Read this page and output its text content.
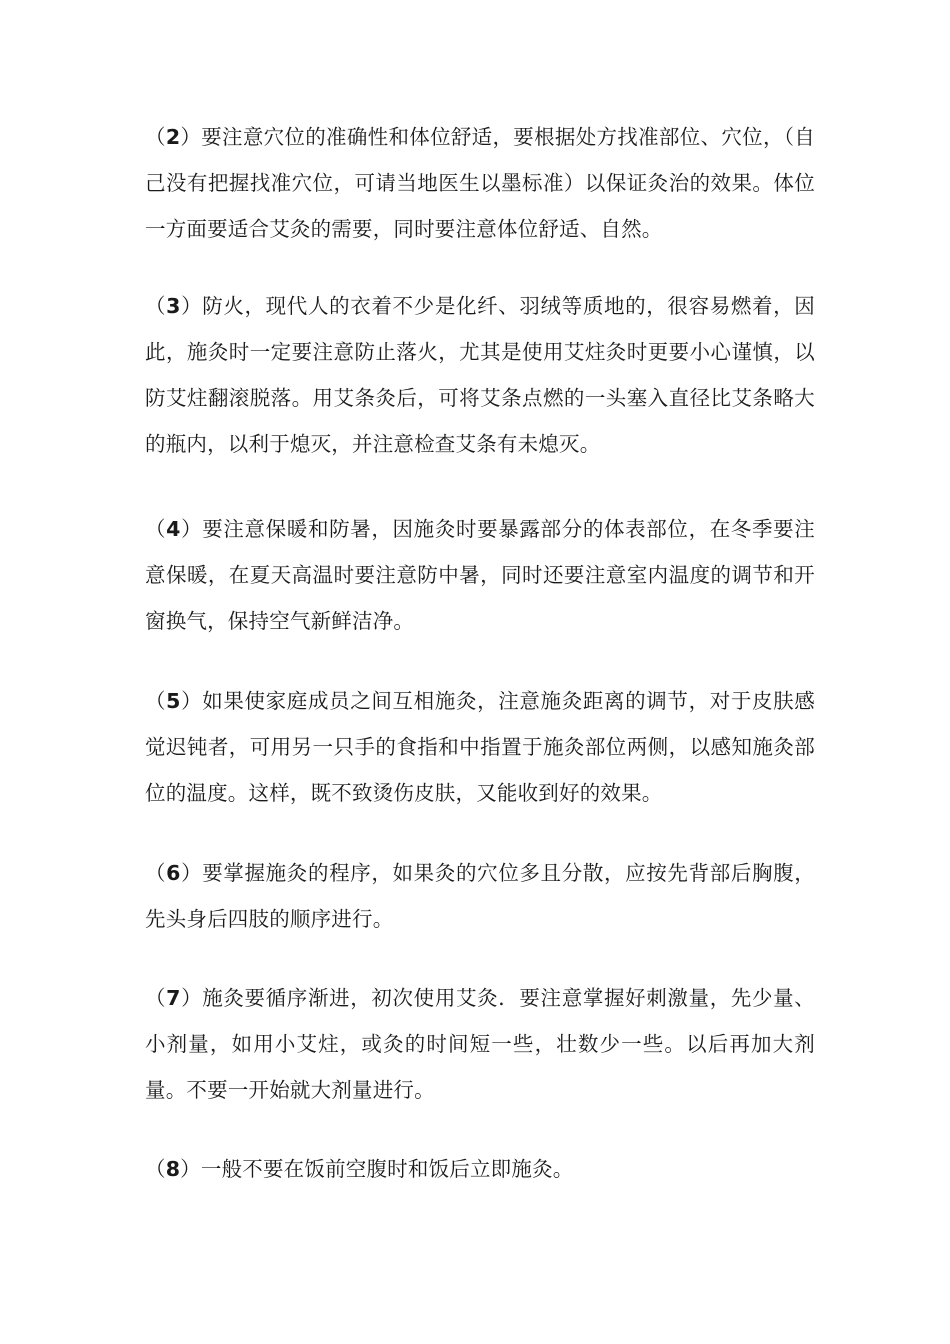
（2）要注意穴位的准确性和体位舒适，要根据处方找准部位、穴位，（自己没有把握找准穴位，可请当地医生以墨标准）以保证灸治的效果。体位一方面要适合艾灸的需要，同时要注意体位舒适、自然。

（3）防火，现代人的衣着不少是化纤、羽绒等质地的，很容易燃着，因此，施灸时一定要注意防止落火，尤其是使用艾炷灸时更要小心谨慎，以防艾炷翻滚脱落。用艾条灸后，可将艾条点燃的一头塞入直径比艾条略大的瓶内，以利于熄灭，并注意检查艾条有未熄灭。

（4）要注意保暖和防暑，因施灸时要暴露部分的体表部位，在冬季要注意保暖，在夏天高温时要注意防中暑，同时还要注意室内温度的调节和开窗换气，保持空气新鲜洁净。

（5）如果使家庭成员之间互相施灸，注意施灸距离的调节，对于皮肤感觉迟钝者，可用另一只手的食指和中指置于施灸部位两侧，以感知施灸部位的温度。这样，既不致烫伤皮肤，又能收到好的效果。

（6）要掌握施灸的程序，如果灸的穴位多且分散，应按先背部后胸腹，先头身后四肢的顺序进行。

（7）施灸要循序渐进，初次使用艾灸．要注意掌握好刺激量，先少量、小剂量，如用小艾炷，或灸的时间短一些，壮数少一些。以后再加大剂量。不要一开始就大剂量进行。

（8）一般不要在饭前空腹时和饭后立即施灸。
